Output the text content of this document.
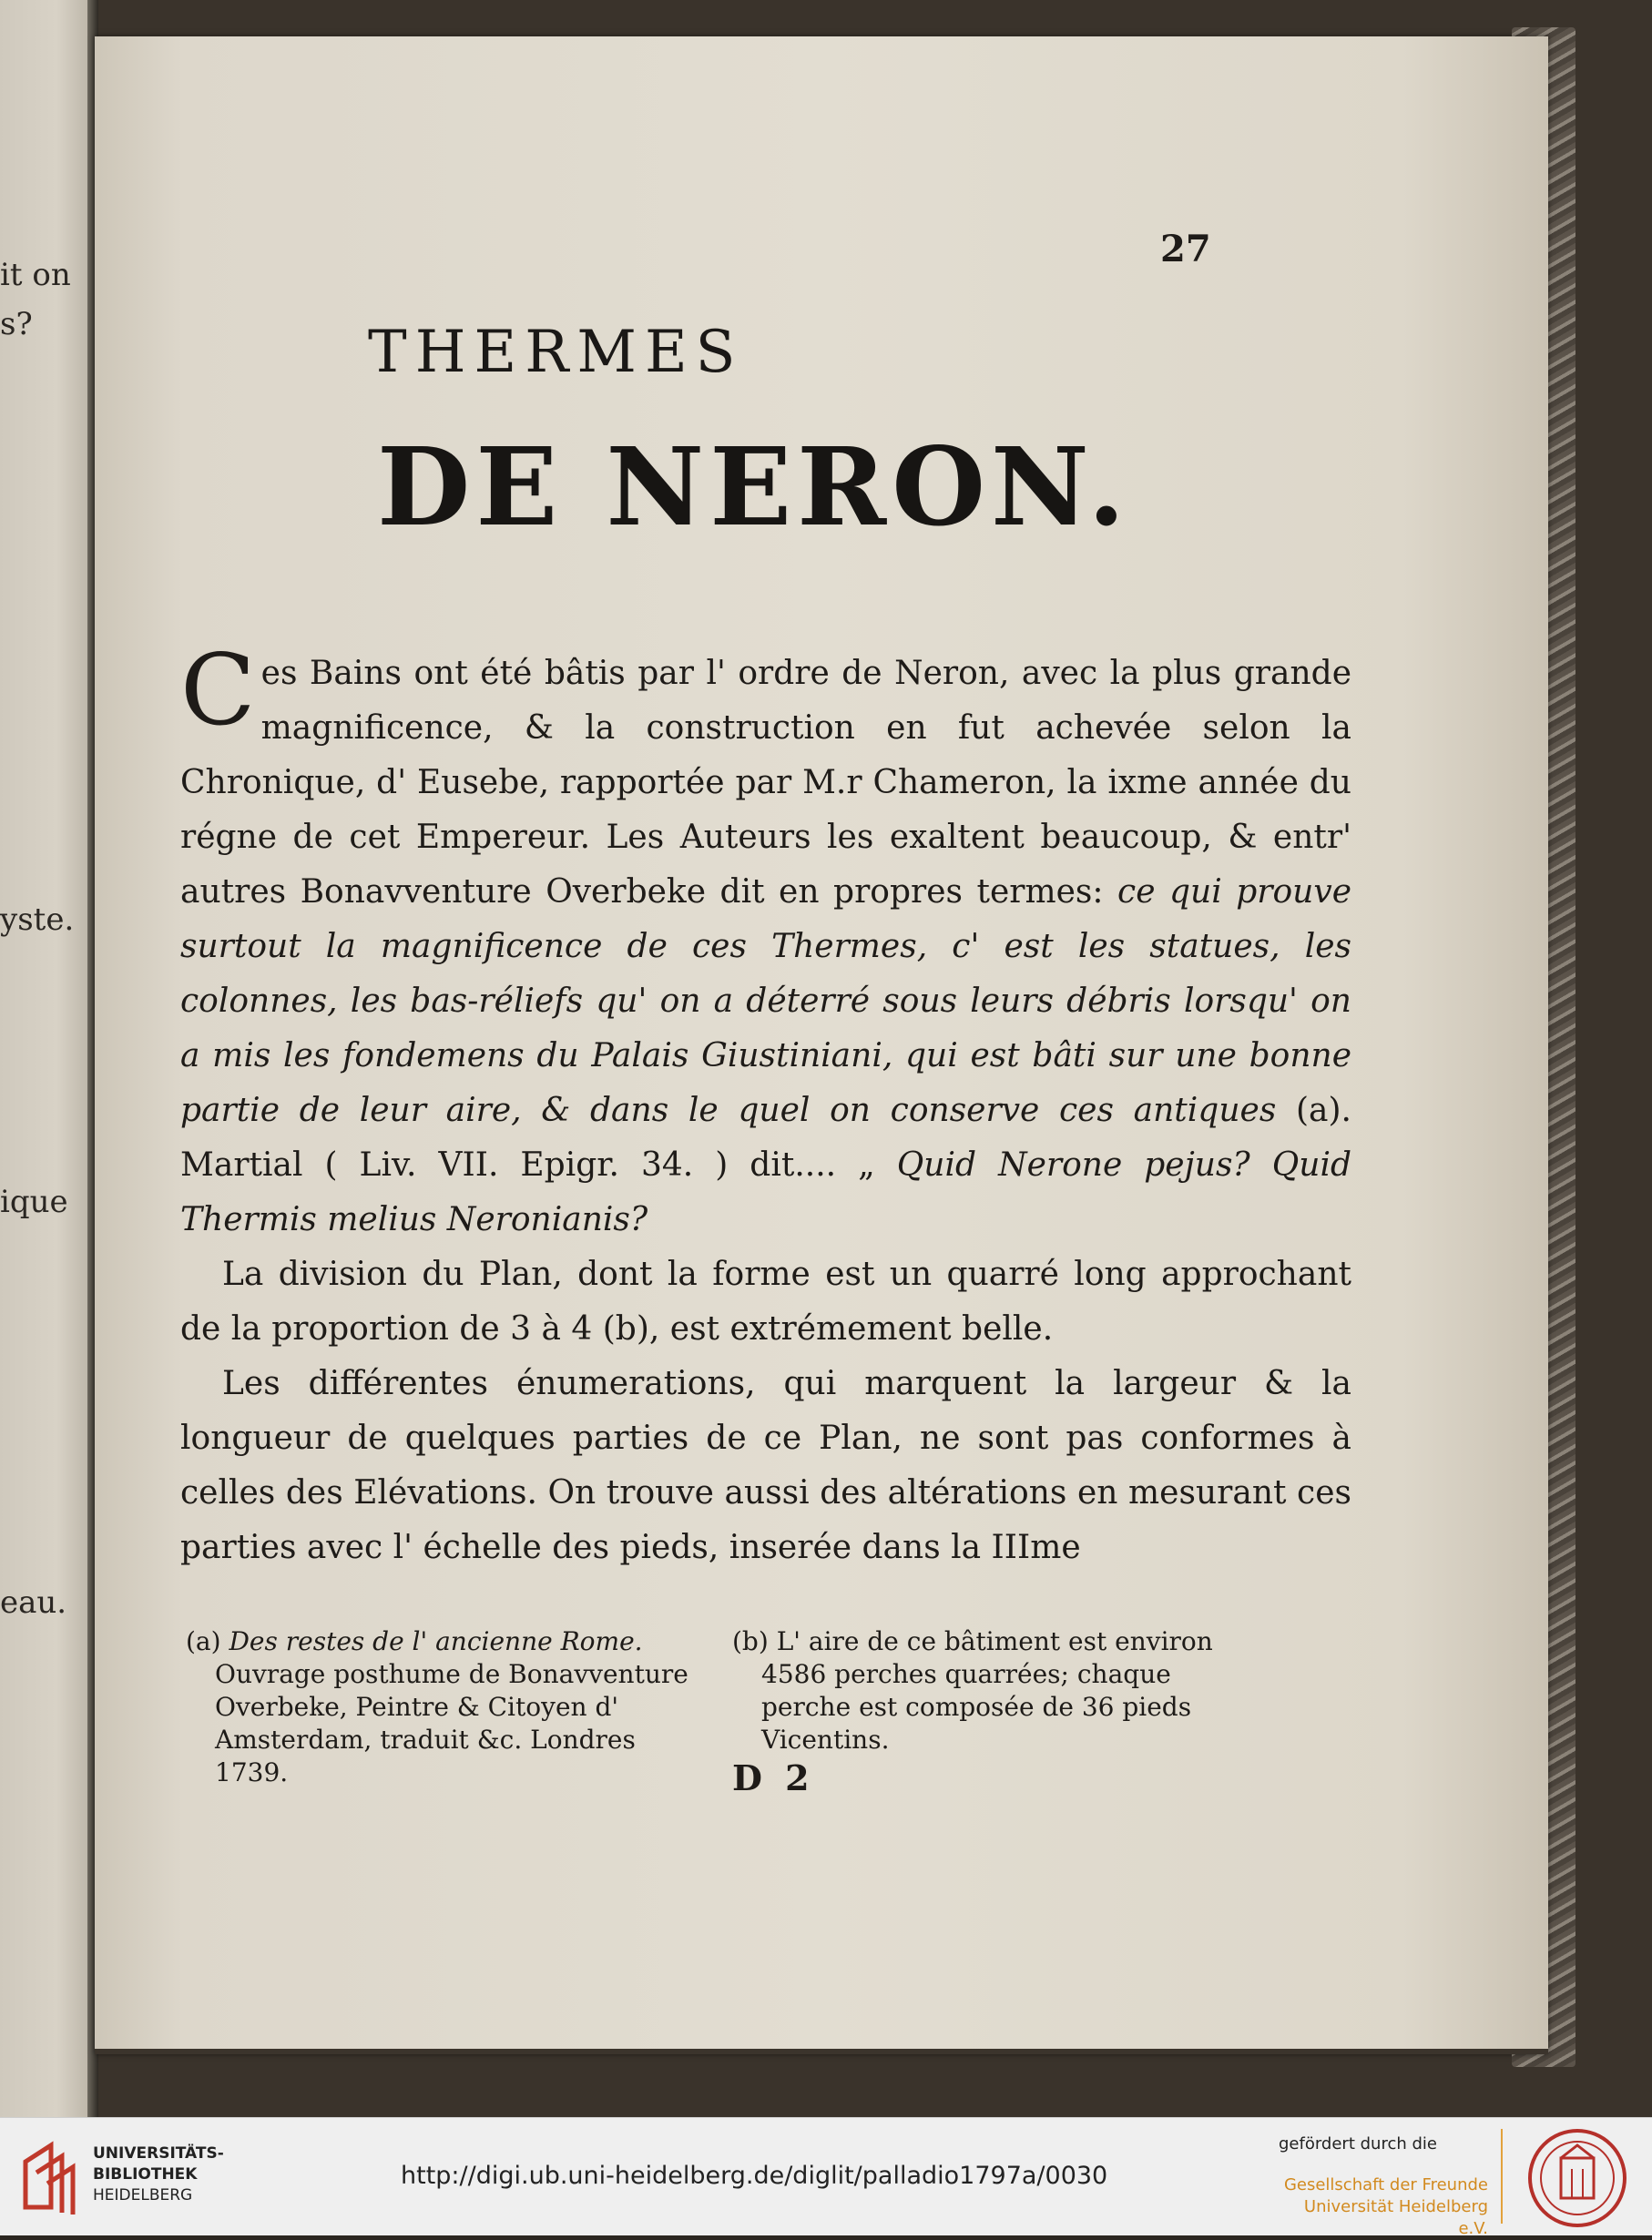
it on
s?
yste.
ique
eau.
27
THERMES
DE NERON.

Ces Bains ont été bâtis par l' ordre de Neron, avec la plus grande magnificence, & la construction en fut achevée selon la Chronique, d' Eusebe, rapportée par M.r Chameron, la ixme année du régne de cet Empereur. Les Auteurs les exaltent beaucoup, & entr' autres Bonavventure Overbeke dit en propres termes: ce qui prouve surtout la magnificence de ces Thermes, c' est les statues, les colonnes, les bas-réliefs qu' on a déterré sous leurs débris lorsqu' on a mis les fondemens du Palais Giustiniani, qui est bâti sur une bonne partie de leur aire, & dans le quel on conserve ces antiques (a). Martial ( Liv. VII. Epigr. 34. ) dit.... „ Quid Nerone pejus? Quid Thermis melius Neronianis?

La division du Plan, dont la forme est un quarré long approchant de la proportion de 3 à 4 (b), est extrémement belle.

Les différentes énumerations, qui marquent la largeur & la longueur de quelques parties de ce Plan, ne sont pas conformes à celles des Elévations. On trouve aussi des altérations en mesurant ces parties avec l' échelle des pieds, inserée dans la IIIme

(a) Des restes de l' ancienne Rome. Ouvrage posthume de Bonavventure Overbeke, Peintre & Citoyen d' Amsterdam, traduit &c. Londres 1739.
(b) L' aire de ce bâtiment est environ 4586 perches quarrées; chaque perche est composée de 36 pieds Vicentins.
D 2
UNIVERSITÄTS-
BIBLIOTHEK
HEIDELBERG
http://digi.ub.uni-heidelberg.de/diglit/palladio1797a/0030
gefördert durch die
Gesellschaft der Freunde
Universität Heidelberg e.V.
